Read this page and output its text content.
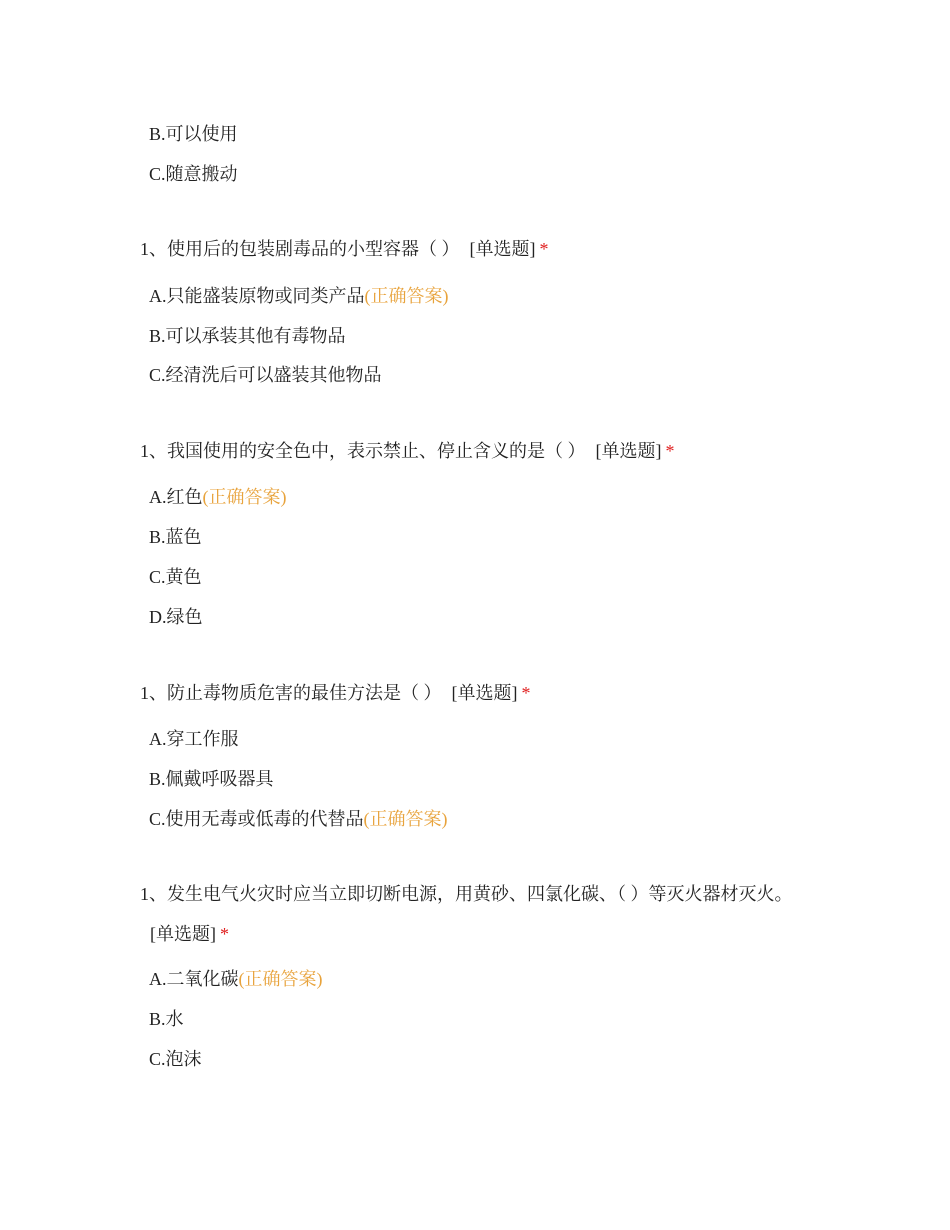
B.可以使用
C.随意搬动
1、使用后的包装剧毒品的小型容器（ ） [单选题] *
A.只能盛装原物或同类产品(正确答案)
B.可以承装其他有毒物品
C.经清洗后可以盛装其他物品
1、我国使用的安全色中，表示禁止、停止含义的是（ ） [单选题] *
A.红色(正确答案)
B.蓝色
C.黄色
D.绿色
1、防止毒物质危害的最佳方法是（ ） [单选题] *
A.穿工作服
B.佩戴呼吸器具
C.使用无毒或低毒的代替品(正确答案)
1、发生电气火灾时应当立即切断电源，用黄砂、四氯化碳、（ ）等灭火器材灭火。[单选题] *
A.二氧化碳(正确答案)
B.水
C.泡沫
